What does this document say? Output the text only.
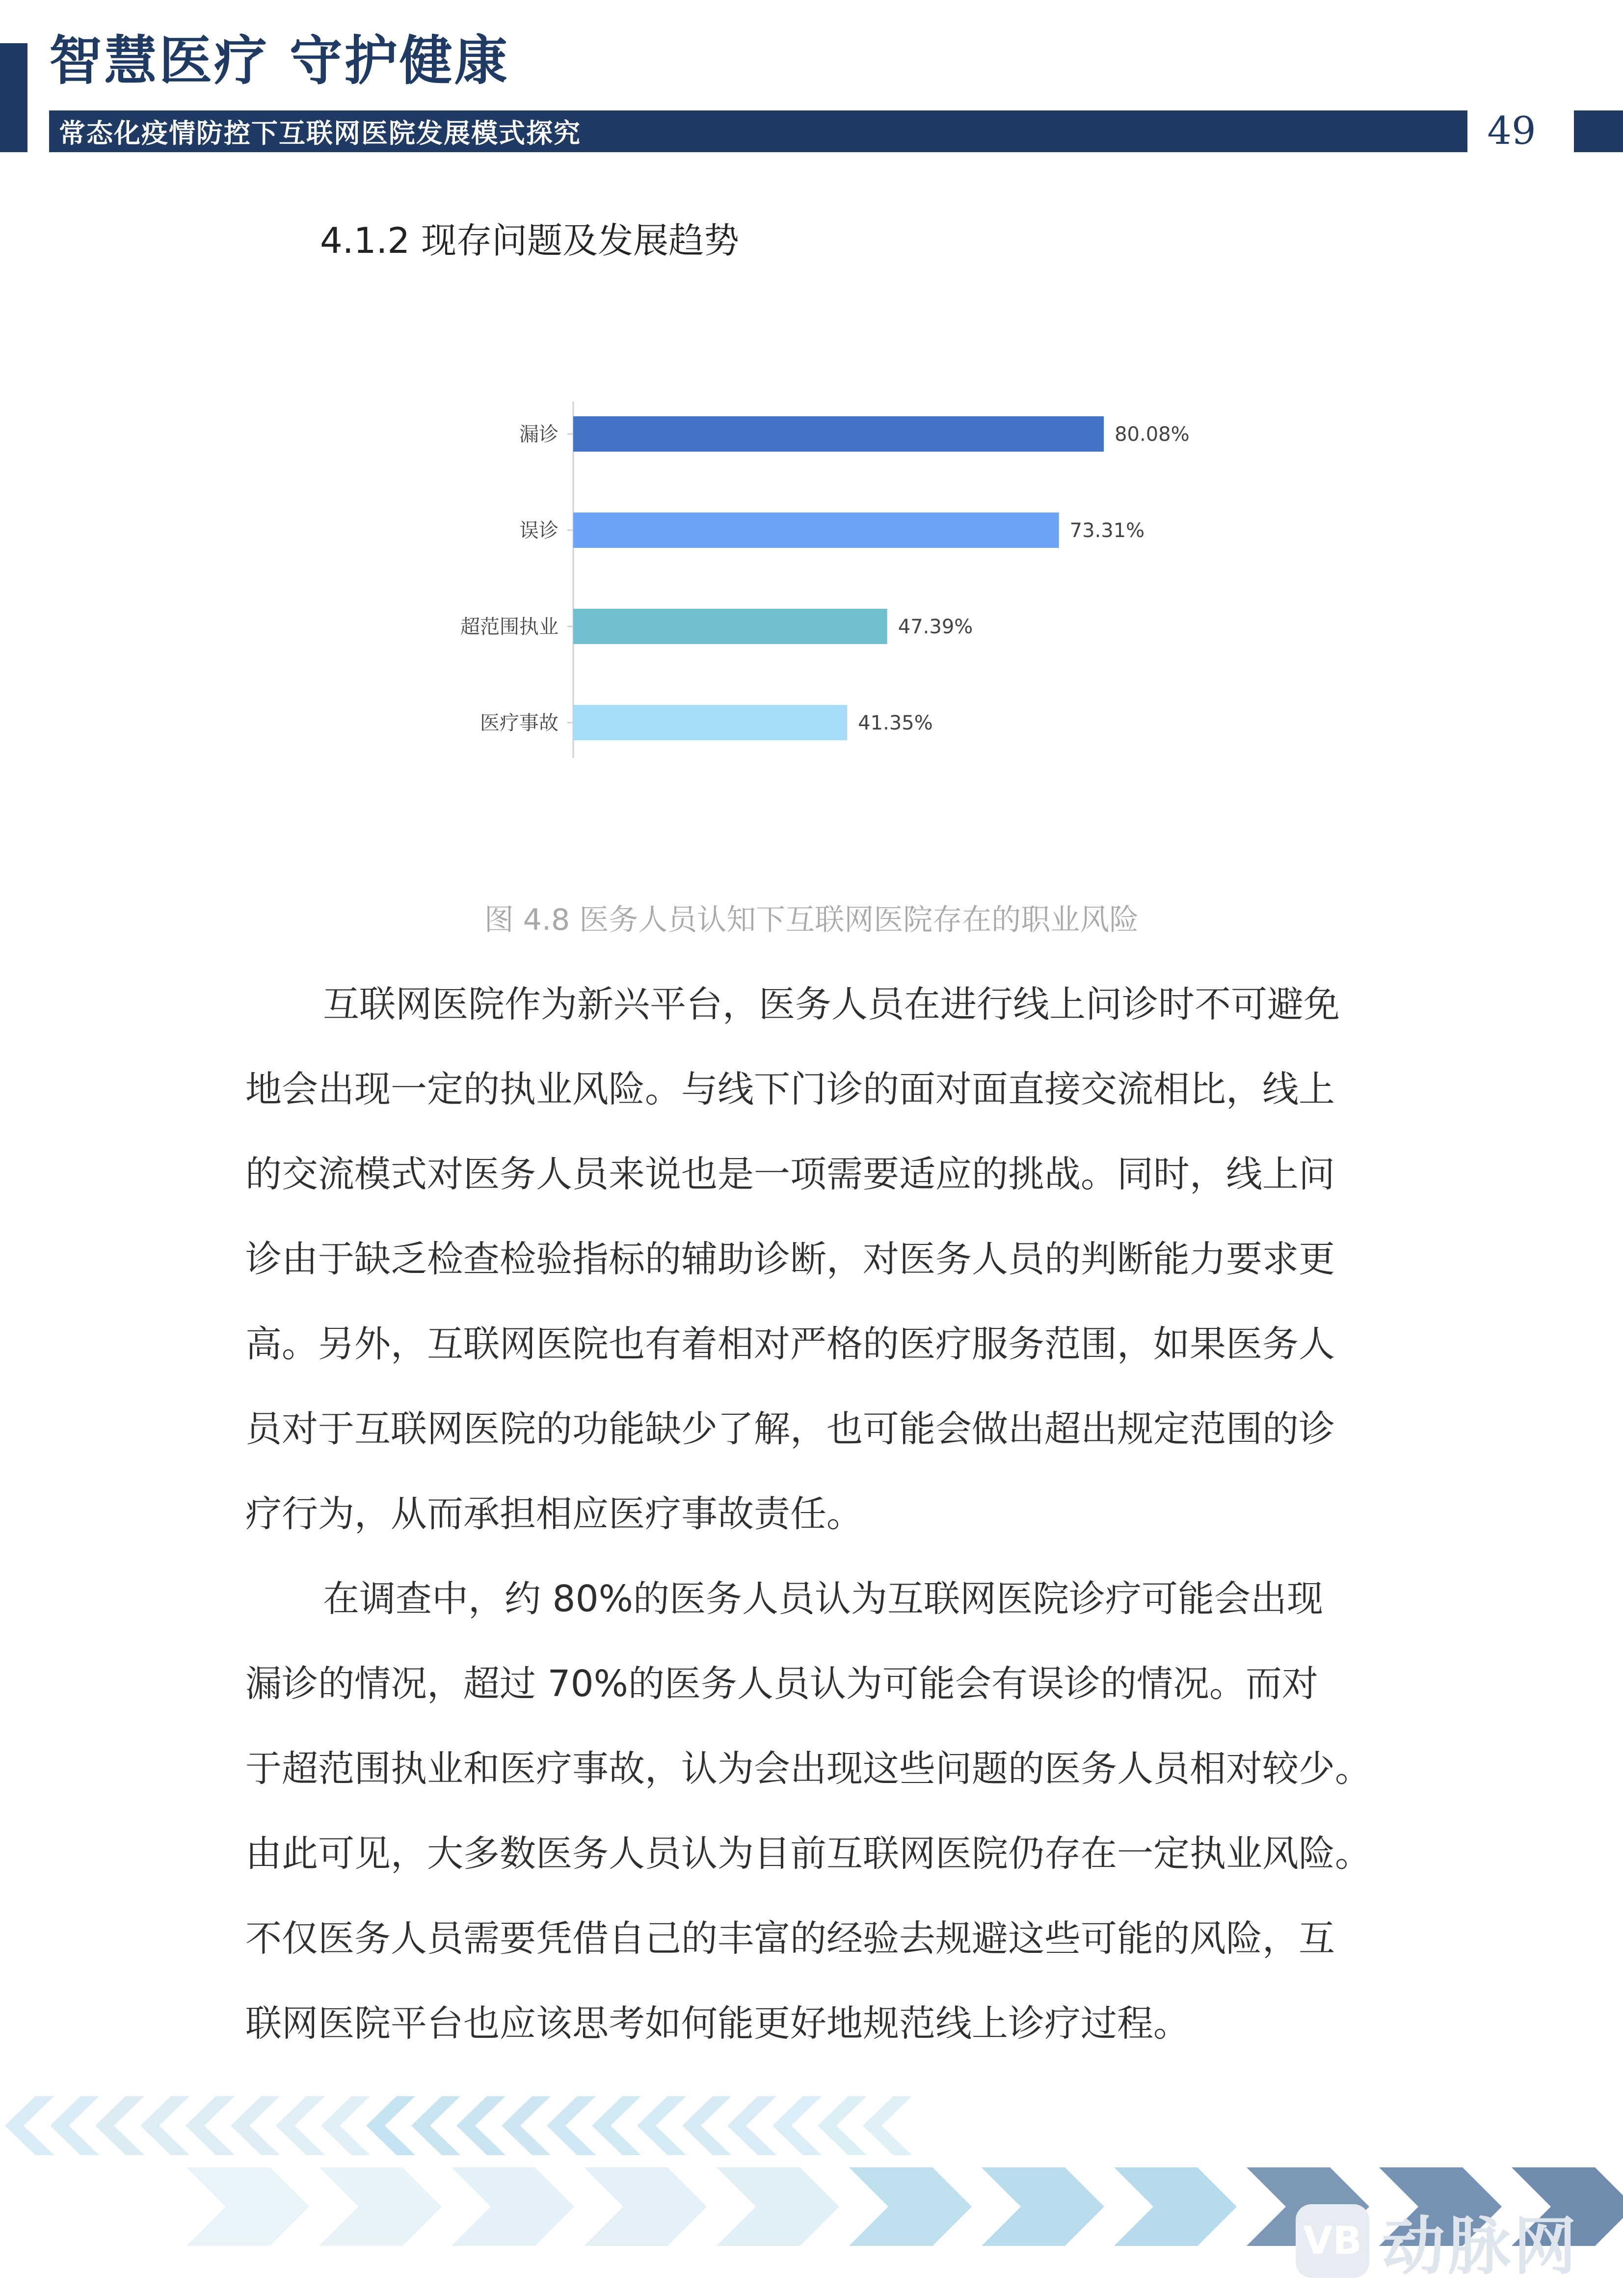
智慧医疗 守护健康
常态化疫情防控下互联网医院发展模式探究	49
4.1.2 现存问题及发展趋势
漏诊	80.08%
误诊	73.31%
超范围执业	47.39%
医疗事故	41.35%
图 4.8 医务人员认知下互联网医院存在的职业风险
互联网医院作为新兴平台，医务人员在进行线上问诊时不可避免
地会出现一定的执业风险。与线下门诊的面对面直接交流相比，线上
的交流模式对医务人员来说也是一项需要适应的挑战。同时，线上问
诊由于缺乏检查检验指标的辅助诊断，对医务人员的判断能力要求更
高。另外，互联网医院也有着相对严格的医疗服务范围，如果医务人
员对于互联网医院的功能缺少了解，也可能会做出超出规定范围的诊
疗行为，从而承担相应医疗事故责任。
在调查中，约 80%的医务人员认为互联网医院诊疗可能会出现
漏诊的情况，超过 70%的医务人员认为可能会有误诊的情况。而对
于超范围执业和医疗事故，认为会出现这些问题的医务人员相对较少。
由此可见，大多数医务人员认为目前互联网医院仍存在一定执业风险。
不仅医务人员需要凭借自己的丰富的经验去规避这些可能的风险，互
联网医院平台也应该思考如何能更好地规范线上诊疗过程。
VB 动脉网
